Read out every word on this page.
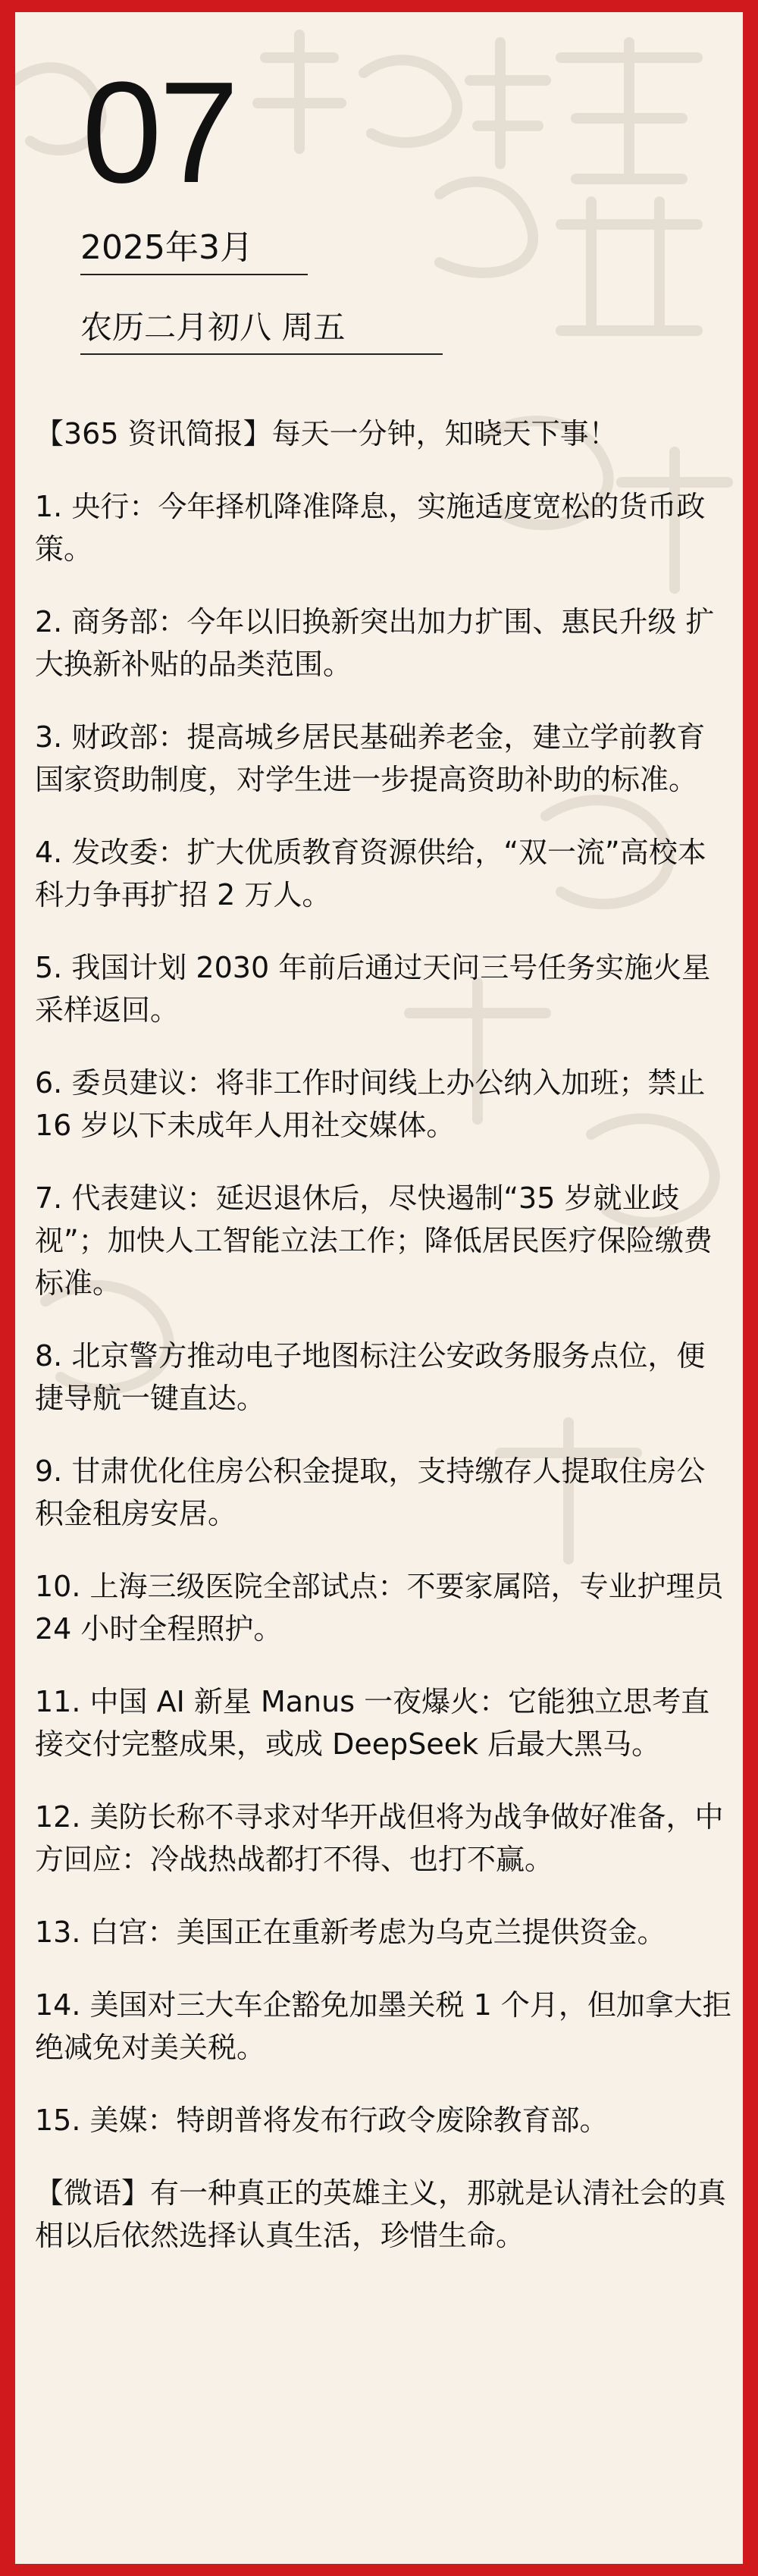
07
2025年3月
农历二月初八 周五

【365 资讯简报】每天一分钟，知晓天下事！

1. 央行：今年择机降准降息，实施适度宽松的货币政策。
2. 商务部：今年以旧换新突出加力扩围、惠民升级 扩大换新补贴的品类范围。
3. 财政部：提高城乡居民基础养老金，建立学前教育国家资助制度，对学生进一步提高资助补助的标准。
4. 发改委：扩大优质教育资源供给，“双一流”高校本科力争再扩招 2 万人。
5. 我国计划 2030 年前后通过天问三号任务实施火星采样返回。
6. 委员建议：将非工作时间线上办公纳入加班；禁止 16 岁以下未成年人用社交媒体。
7. 代表建议：延迟退休后，尽快遏制“35 岁就业歧视”；加快人工智能立法工作；降低居民医疗保险缴费标准。
8. 北京警方推动电子地图标注公安政务服务点位，便捷导航一键直达。
9. 甘肃优化住房公积金提取，支持缴存人提取住房公积金租房安居。
10. 上海三级医院全部试点：不要家属陪，专业护理员 24 小时全程照护。
11. 中国 AI 新星 Manus 一夜爆火：它能独立思考直接交付完整成果，或成 DeepSeek 后最大黑马。
12. 美防长称不寻求对华开战但将为战争做好准备，中方回应：冷战热战都打不得、也打不赢。
13. 白宫：美国正在重新考虑为乌克兰提供资金。
14. 美国对三大车企豁免加墨关税 1 个月，但加拿大拒绝减免对美关税。
15. 美媒：特朗普将发布行政令废除教育部。

【微语】有一种真正的英雄主义，那就是认清社会的真相以后依然选择认真生活，珍惜生命。
